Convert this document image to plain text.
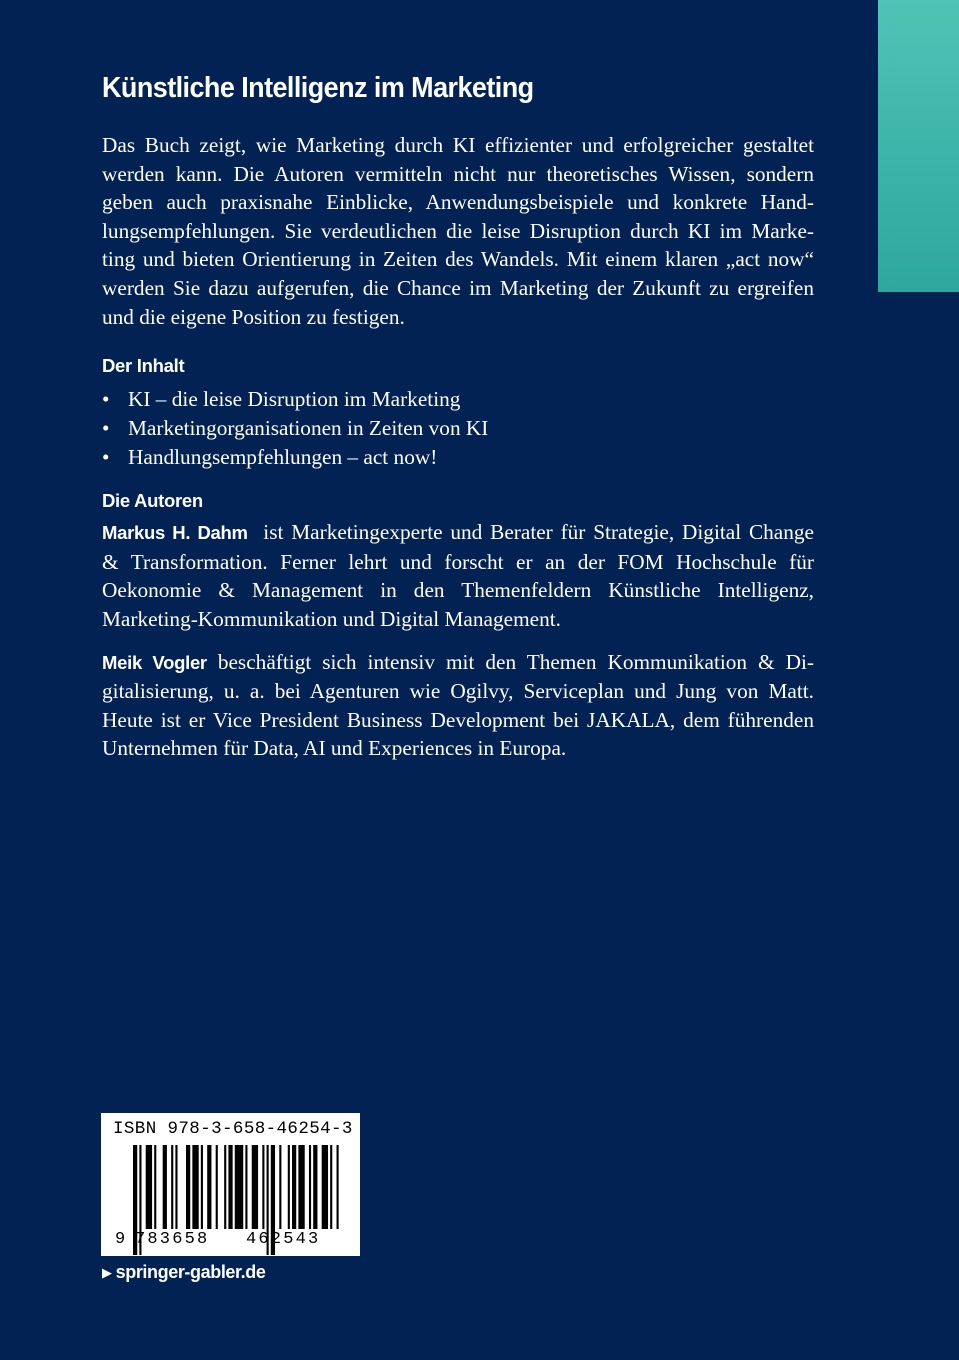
Künstliche Intelligenz im Marketing

Das Buch zeigt, wie Marketing durch KI effizienter und erfolgreicher gestaltet
werden kann. Die Autoren vermitteln nicht nur theoretisches Wissen, sondern
geben auch praxisnahe Einblicke, Anwendungsbeispiele und konkrete Hand-
lungsempfehlungen. Sie verdeutlichen die leise Disruption durch KI im Marke-
ting und bieten Orientierung in Zeiten des Wandels. Mit einem klaren „act now“
werden Sie dazu aufgerufen, die Chance im Marketing der Zukunft zu ergreifen
und die eigene Position zu festigen.

Der Inhalt
• KI – die leise Disruption im Marketing
• Marketingorganisationen in Zeiten von KI
• Handlungsempfehlungen – act now!
Die Autoren

Markus H. Dahm ist Marketingexperte und Berater für Strategie, Digital Change
& Transformation. Ferner lehrt und forscht er an der FOM Hochschule für
Oekonomie & Management in den Themenfeldern Künstliche Intelligenz,
Marketing-Kommunikation und Digital Management.

Meik Vogler beschäftigt sich intensiv mit den Themen Kommunikation & Di-
gitalisierung, u. a. bei Agenturen wie Ogilvy, Serviceplan und Jung von Matt.
Heute ist er Vice President Business Development bei JAKALA, dem führenden
Unternehmen für Data, AI und Experiences in Europa.

ISBN 978-3-658-46254-3
9 783658 462543
▶ springer-gabler.de
